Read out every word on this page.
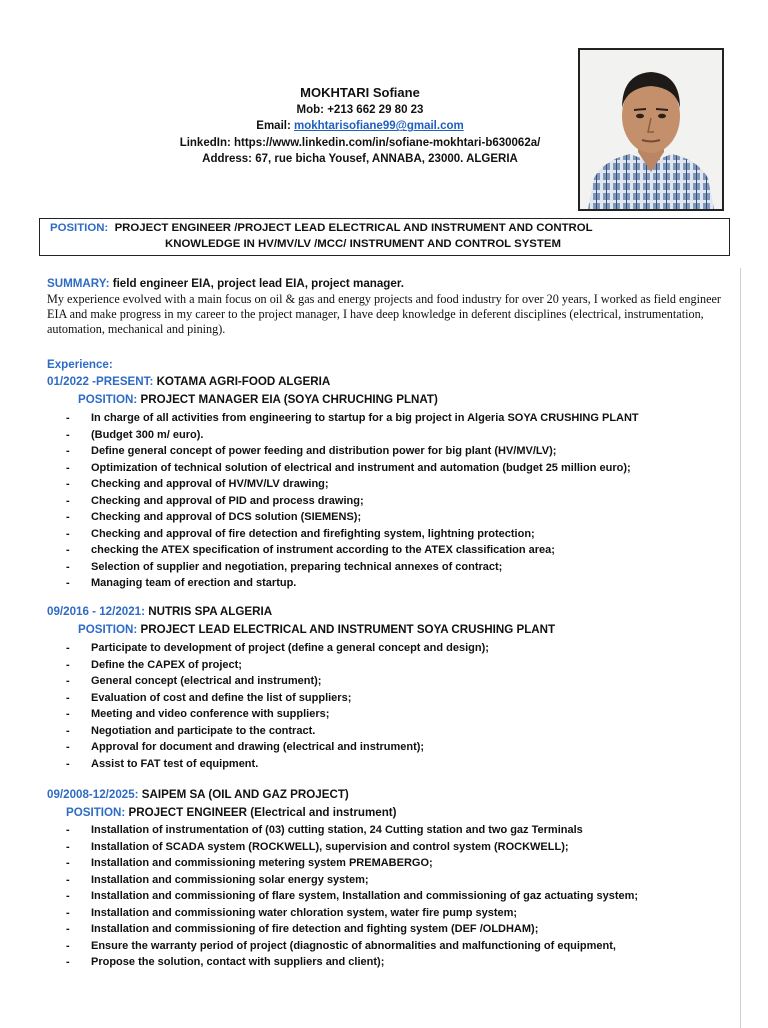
MOKHTARI Sofiane
Mob: +213 662 29 80 23
Email: mokhtarisofiane99@gmail.com
LinkedIn: https://www.linkedin.com/in/sofiane-mokhtari-b630062a/
Address: 67, rue bicha Yousef, ANNABA, 23000. ALGERIA
POSITION: PROJECT ENGINEER /PROJECT LEAD ELECTRICAL AND INSTRUMENT AND CONTROL
KNOWLEDGE IN HV/MV/LV /MCC/ INSTRUMENT AND CONTROL SYSTEM
SUMMARY: field engineer EIA, project lead EIA, project manager.
My experience evolved with a main focus on oil & gas and energy projects and food industry for over 20 years, I worked as field engineer EIA and make progress in my career to the project manager, I have deep knowledge in deferent disciplines (electrical, instrumentation, automation, mechanical and pining).
Experience:
01/2022 -PRESENT: KOTAMA AGRI-FOOD ALGERIA
POSITION: PROJECT MANAGER EIA (SOYA CHRUCHING PLNAT)
- In charge of all activities from engineering to startup for a big project in Algeria SOYA CRUSHING PLANT
- (Budget 300 m/ euro).
- Define general concept of power feeding and distribution power for big plant (HV/MV/LV);
- Optimization of technical solution of electrical and instrument and automation (budget 25 million euro);
- Checking and approval of HV/MV/LV drawing;
- Checking and approval of PID and process drawing;
- Checking and approval of DCS solution (SIEMENS);
- Checking and approval of fire detection and firefighting system, lightning protection;
- checking the ATEX specification of instrument according to the ATEX classification area;
- Selection of supplier and negotiation, preparing technical annexes of contract;
- Managing team of erection and startup.
09/2016 - 12/2021: NUTRIS SPA ALGERIA
POSITION: PROJECT LEAD ELECTRICAL AND INSTRUMENT SOYA CRUSHING PLANT
- Participate to development of project (define a general concept and design);
- Define the CAPEX of project;
- General concept (electrical and instrument);
- Evaluation of cost and define the list of suppliers;
- Meeting and video conference with suppliers;
- Negotiation and participate to the contract.
- Approval for document and drawing (electrical and instrument);
- Assist to FAT test of equipment.
09/2008-12/2025: SAIPEM SA (OIL AND GAZ PROJECT)
POSITION: PROJECT ENGINEER (Electrical and instrument)
- Installation of instrumentation of (03) cutting station, 24 Cutting station and two gaz Terminals
- Installation of SCADA system (ROCKWELL), supervision and control system (ROCKWELL);
- Installation and commissioning metering system PREMABERGO;
- Installation and commissioning solar energy system;
- Installation and commissioning of flare system, Installation and commissioning of gaz actuating system;
- Installation and commissioning water chloration system, water fire pump system;
- Installation and commissioning of fire detection and fighting system (DEF /OLDHAM);
- Ensure the warranty period of project (diagnostic of abnormalities and malfunctioning of equipment,
- Propose the solution, contact with suppliers and client);
